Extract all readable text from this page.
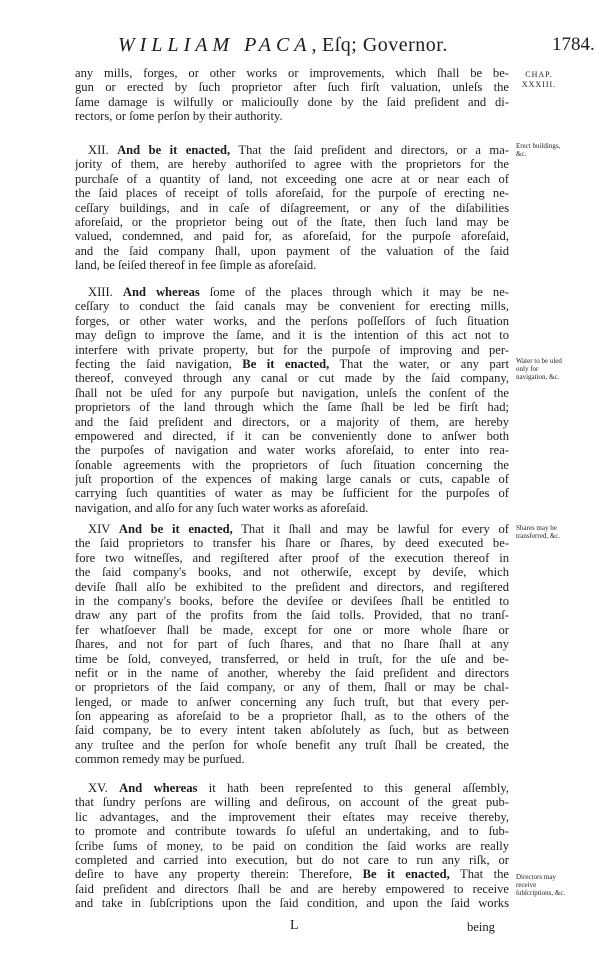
WILLIAM PACA, Eſq; Governor.	1784.
any mills, forges, or other works or improvements, which ſhall be be-
gun or erected by ſuch proprietor after ſuch firſt valuation, unleſs the
ſame damage is wilfully or maliciouſly done by the ſaid preſident and di-
rectors, or ſome perſon by their authority.
XII. And be it enacted, That the ſaid preſident and directors, or a ma-
jority of them, are hereby authoriſed to agree with the proprietors for the
purchaſe of a quantity of land, not exceeding one acre at or near each of
the ſaid places of receipt of tolls aforeſaid, for the purpoſe of erecting ne-
ceſſary buildings, and in caſe of diſagreement, or any of the diſabilities
aforeſaid, or the proprietor being out of the ſtate, then ſuch land may be
valued, condemned, and paid for, as aforeſaid, for the purpoſe aforeſaid,
and the ſaid company ſhall, upon payment of the valuation of the ſaid
land, be ſeiſed thereof in fee ſimple as aforeſaid.
XIII. And whereas ſome of the places through which it may be ne-
ceſſary to conduct the ſaid canals may be convenient for erecting mills,
forges, or other water works, and the perſons poſſeſſors of ſuch ſituation
may deſign to improve the ſame, and it is the intention of this act not to
interfere with private property, but for the purpoſe of improving and per-
fecting the ſaid navigation, Be it enacted, That the water, or any part
thereof, conveyed through any canal or cut made by the ſaid company,
ſhall not be uſed for any purpoſe but navigation, unleſs the conſent of the
proprietors of the land through which the ſame ſhall be led be firſt had;
and the ſaid preſident and directors, or a majority of them, are hereby
empowered and directed, if it can be conveniently done to anſwer both
the purpoſes of navigation and water works aforeſaid, to enter into rea-
ſonable agreements with the proprietors of ſuch ſituation concerning the
juſt proportion of the expences of making large canals or cuts, capable of
carrying ſuch quantities of water as may be ſufficient for the purpoſes of
navigation, and alſo for any ſuch water works as aforeſaid.
XIV And be it enacted, That it ſhall and may be lawful for every of
the ſaid proprietors to transfer his ſhare or ſhares, by deed executed be-
fore two witneſſes, and regiſtered after proof of the execution thereof in
the ſaid company's books, and not otherwiſe, except by deviſe, which
deviſe ſhall alſo be exhibited to the preſident and directors, and regiſtered
in the company's books, before the deviſee or deviſees ſhall be entitled to
draw any part of the profits from the ſaid tolls. Provided, that no tranſ-
fer whatſoever ſhall be made, except for one or more whole ſhare or
ſhares, and not for part of ſuch ſhares, and that no ſhare ſhall at any
time be ſold, conveyed, transferred, or held in truſt, for the uſe and be-
nefit or in the name of another, whereby the ſaid preſident and directors
or proprietors of the ſaid company, or any of them, ſhall or may be chal-
lenged, or made to anſwer concerning any ſuch truſt, but that every per-
ſon appearing as aforeſaid to be a proprietor ſhall, as to the others of the
ſaid company, be to every intent taken abſolutely as ſuch, but as between
any truſtee and the perſon for whoſe benefit any truſt ſhall be created, the
common remedy may be purſued.
XV. And whereas it hath been repreſented to this general aſſembly,
that ſundry perſons are willing and deſirous, on account of the great pub-
lic advantages, and the improvement their eſtates may receive thereby,
to promote and contribute towards ſo uſeful an undertaking, and to ſub-
ſcribe ſums of money, to be paid on condition the ſaid works are really
completed and carried into execution, but do not care to run any riſk, or
deſire to have any property therein: Therefore, Be it enacted, That the
ſaid preſident and directors ſhall be and are hereby empowered to receive
and take in ſubſcriptions upon the ſaid condition, and upon the ſaid works
CHAP. XXXIII.
Erect buildings, &c.
Water to be uſed only for navigation, &c.
Shares may be transferred, &c.
Directors may receive ſubſcriptions, &c.
L	being
